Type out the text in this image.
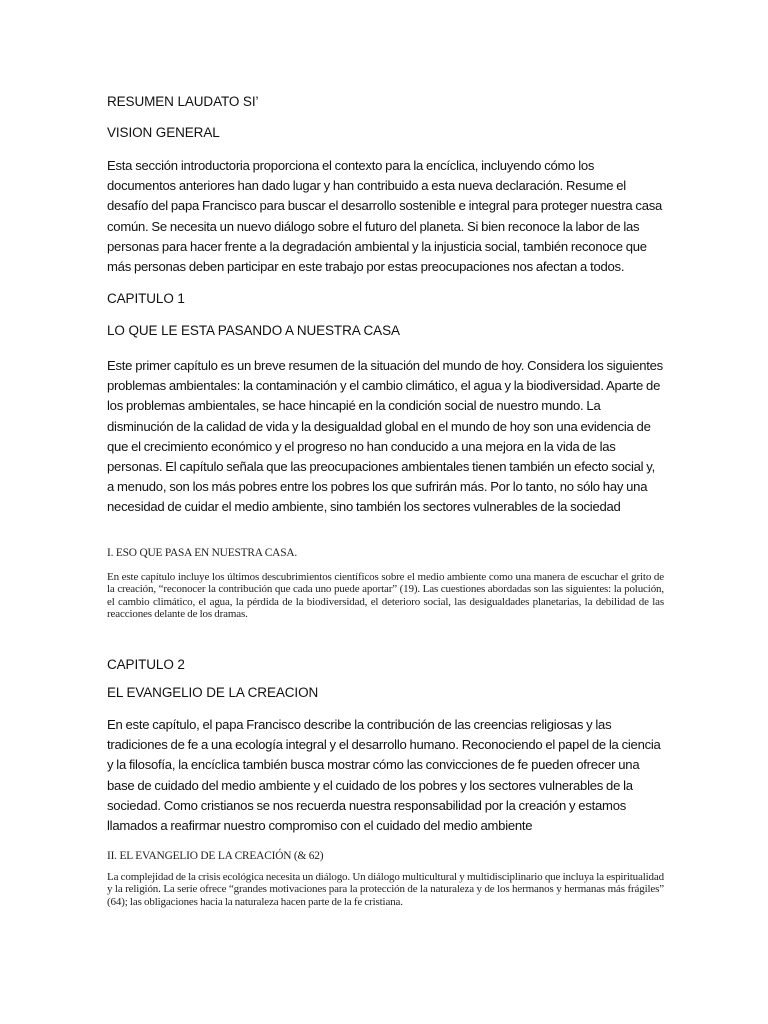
RESUMEN LAUDATO SI’
VISION GENERAL
Esta sección introductoria proporciona el contexto para la encíclica, incluyendo cómo los documentos anteriores han dado lugar y han contribuido a esta nueva declaración. Resume el desafío del papa Francisco para buscar el desarrollo sostenible e integral para proteger nuestra casa común. Se necesita un nuevo diálogo sobre el futuro del planeta. Si bien reconoce la labor de las personas para hacer frente a la degradación ambiental y la injusticia social, también reconoce que más personas deben participar en este trabajo por estas preocupaciones nos afectan a todos.
CAPITULO 1
LO QUE LE ESTA PASANDO A NUESTRA CASA
Este primer capítulo es un breve resumen de la situación del mundo de hoy. Considera los siguientes problemas ambientales: la contaminación y el cambio climático, el agua y la biodiversidad. Aparte de los problemas ambientales, se hace hincapié en la condición social de nuestro mundo. La disminución de la calidad de vida y la desigualdad global en el mundo de hoy son una evidencia de que el crecimiento económico y el progreso no han conducido a una mejora en la vida de las personas. El capítulo señala que las preocupaciones ambientales tienen también un efecto social y, a menudo, son los más pobres entre los pobres los que sufrirán más. Por lo tanto, no sólo hay una necesidad de cuidar el medio ambiente, sino también los sectores vulnerables de la sociedad
I. ESO QUE PASA EN NUESTRA CASA.
En este capítulo incluye los últimos descubrimientos científicos sobre el medio ambiente como una manera de escuchar el grito de la creación, “reconocer la contribución que cada uno puede aportar” (19). Las cuestiones abordadas son las siguientes: la polución, el cambio climático, el agua, la pérdida de la biodiversidad, el deterioro social, las desigualdades planetarias, la debilidad de las reacciones delante de los dramas.
CAPITULO 2
EL EVANGELIO DE LA CREACION
En este capítulo, el papa Francisco describe la contribución de las creencias religiosas y las tradiciones de fe a una ecología integral y el desarrollo humano. Reconociendo el papel de la ciencia y la filosofía, la encíclica también busca mostrar cómo las convicciones de fe pueden ofrecer una base de cuidado del medio ambiente y el cuidado de los pobres y los sectores vulnerables de la sociedad. Como cristianos se nos recuerda nuestra responsabilidad por la creación y estamos llamados a reafirmar nuestro compromiso con el cuidado del medio ambiente
II. EL EVANGELIO DE LA CREACIÓN (& 62)
La complejidad de la crisis ecológica necesita un diálogo. Un diálogo multicultural y multidisciplinario que incluya la espiritualidad y la religión. La serie ofrece “grandes motivaciones para la protección de la naturaleza y de los hermanos y hermanas más frágiles” (64); las obligaciones hacia la naturaleza hacen parte de la fe cristiana.
